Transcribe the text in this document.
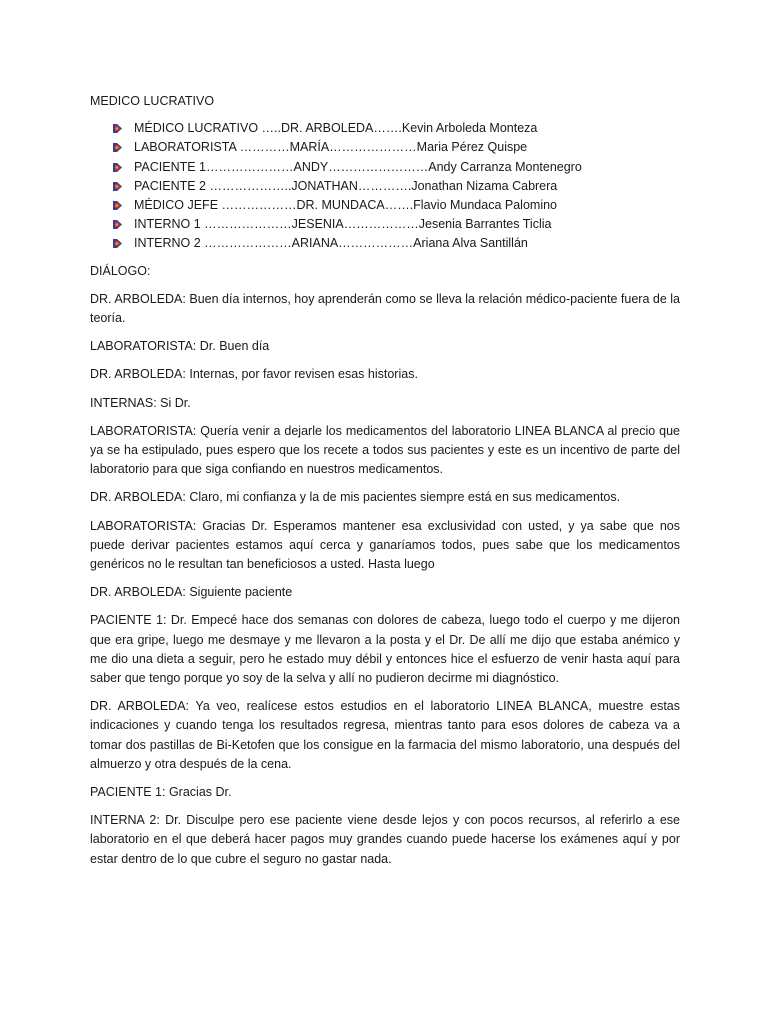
MEDICO LUCRATIVO
MÉDICO LUCRATIVO …..DR. ARBOLEDA…….Kevin Arboleda Monteza
LABORATORISTA …………MARÍA…………………Maria Pérez Quispe
PACIENTE 1…………………ANDY……………………Andy Carranza Montenegro
PACIENTE 2 ………………..JONATHAN………….Jonathan Nizama Cabrera
MÉDICO JEFE ………………DR. MUNDACA…….Flavio Mundaca Palomino
INTERNO 1 …………………JESENIA………………Jesenia Barrantes Ticlia
INTERNO 2 …………………ARIANA………………Ariana Alva Santillán
DIÁLOGO:

DR. ARBOLEDA: Buen día internos, hoy aprenderán como se lleva la relación médico-paciente fuera de la teoría.

LABORATORISTA: Dr. Buen día

DR. ARBOLEDA: Internas, por favor revisen esas historias.

INTERNAS: Si Dr.

LABORATORISTA: Quería venir a dejarle los medicamentos del laboratorio LINEA BLANCA al precio que ya se ha estipulado, pues espero que los recete a todos sus pacientes y este es un incentivo de parte del laboratorio para que siga confiando en nuestros medicamentos.

DR. ARBOLEDA: Claro, mi confianza y la de mis pacientes siempre está en sus medicamentos.

LABORATORISTA: Gracias Dr. Esperamos mantener esa exclusividad con usted, y ya sabe que nos puede derivar pacientes estamos aquí cerca y ganaríamos todos, pues sabe que los medicamentos genéricos no le resultan tan beneficiosos a usted. Hasta luego

DR. ARBOLEDA: Siguiente paciente

PACIENTE 1: Dr. Empecé hace dos semanas con dolores de cabeza, luego todo el cuerpo y me dijeron que era gripe, luego me desmaye y me llevaron a la posta y el Dr. De allí me dijo que estaba anémico y me dio una dieta a seguir, pero he estado muy débil y entonces hice el esfuerzo de venir hasta aquí para saber que tengo porque yo soy de la selva y allí no pudieron decirme mi diagnóstico.

DR. ARBOLEDA: Ya veo, realícese estos estudios en el laboratorio LINEA BLANCA, muestre estas indicaciones y cuando tenga los resultados regresa, mientras tanto para esos dolores de cabeza va a tomar dos pastillas de Bi-Ketofen que los consigue en la farmacia del mismo laboratorio, una después del almuerzo y otra después de la cena.

PACIENTE 1: Gracias Dr.

INTERNA 2: Dr. Disculpe pero ese paciente viene desde lejos y con pocos recursos, al referirlo a ese laboratorio en el que deberá hacer pagos muy grandes cuando puede hacerse los exámenes aquí y por estar dentro de lo que cubre el seguro no gastar nada.
